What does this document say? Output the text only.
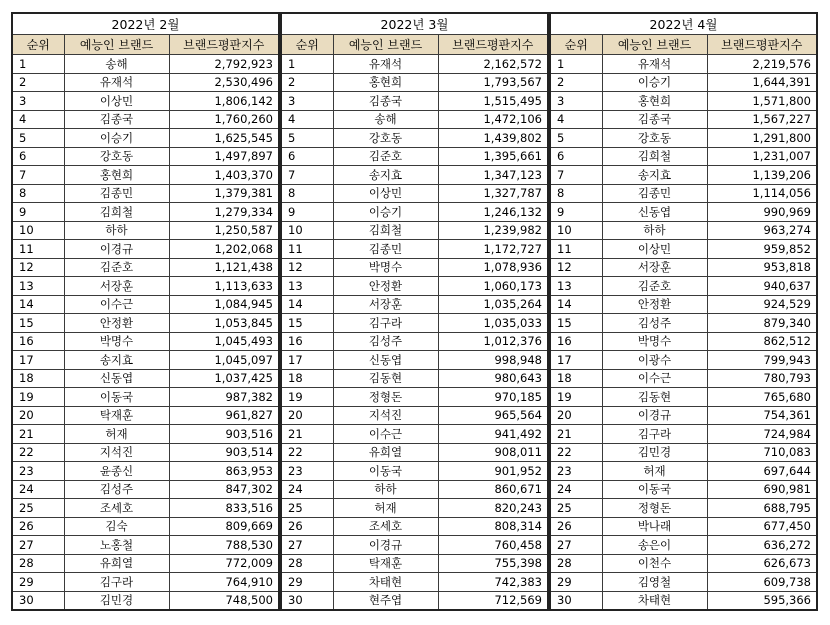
2022년 2월		
순위	예능인 브랜드	브랜드평판지수
1	송해	2,792,923
2	유재석	2,530,496
3	이상민	1,806,142
4	김종국	1,760,260
5	이승기	1,625,545
6	강호동	1,497,897
7	홍현희	1,403,370
8	김종민	1,379,381
9	김희철	1,279,334
10	하하	1,250,587
11	이경규	1,202,068
12	김준호	1,121,438
13	서장훈	1,113,633
14	이수근	1,084,945
15	안정환	1,053,845
16	박명수	1,045,493
17	송지효	1,045,097
18	신동엽	1,037,425
19	이동국	987,382
20	탁재훈	961,827
21	허재	903,516
22	지석진	903,514
23	윤종신	863,953
24	김성주	847,302
25	조세호	833,516
26	김숙	809,669
27	노홍철	788,530
28	유희열	772,009
29	김구라	764,910
30	김민경	748,500
2022년 3월		
순위	예능인 브랜드	브랜드평판지수
1	유재석	2,162,572
2	홍현희	1,793,567
3	김종국	1,515,495
4	송해	1,472,106
5	강호동	1,439,802
6	김준호	1,395,661
7	송지효	1,347,123
8	이상민	1,327,787
9	이승기	1,246,132
10	김희철	1,239,982
11	김종민	1,172,727
12	박명수	1,078,936
13	안정환	1,060,173
14	서장훈	1,035,264
15	김구라	1,035,033
16	김성주	1,012,376
17	신동엽	998,948
18	김동현	980,643
19	정형돈	970,185
20	지석진	965,564
21	이수근	941,492
22	유희열	908,011
23	이동국	901,952
24	하하	860,671
25	허재	820,243
26	조세호	808,314
27	이경규	760,458
28	탁재훈	755,398
29	차태현	742,383
30	현주엽	712,569
2022년 4월		
순위	예능인 브랜드	브랜드평판지수
1	유재석	2,219,576
2	이승기	1,644,391
3	홍현희	1,571,800
4	김종국	1,567,227
5	강호동	1,291,800
6	김희철	1,231,007
7	송지효	1,139,206
8	김종민	1,114,056
9	신동엽	990,969
10	하하	963,274
11	이상민	959,852
12	서장훈	953,818
13	김준호	940,637
14	안정환	924,529
15	김성주	879,340
16	박명수	862,512
17	이광수	799,943
18	이수근	780,793
19	김동현	765,680
20	이경규	754,361
21	김구라	724,984
22	김민경	710,083
23	허재	697,644
24	이동국	690,981
25	정형돈	688,795
26	박나래	677,450
27	송은이	636,272
28	이천수	626,673
29	김영철	609,738
30	차태현	595,366
